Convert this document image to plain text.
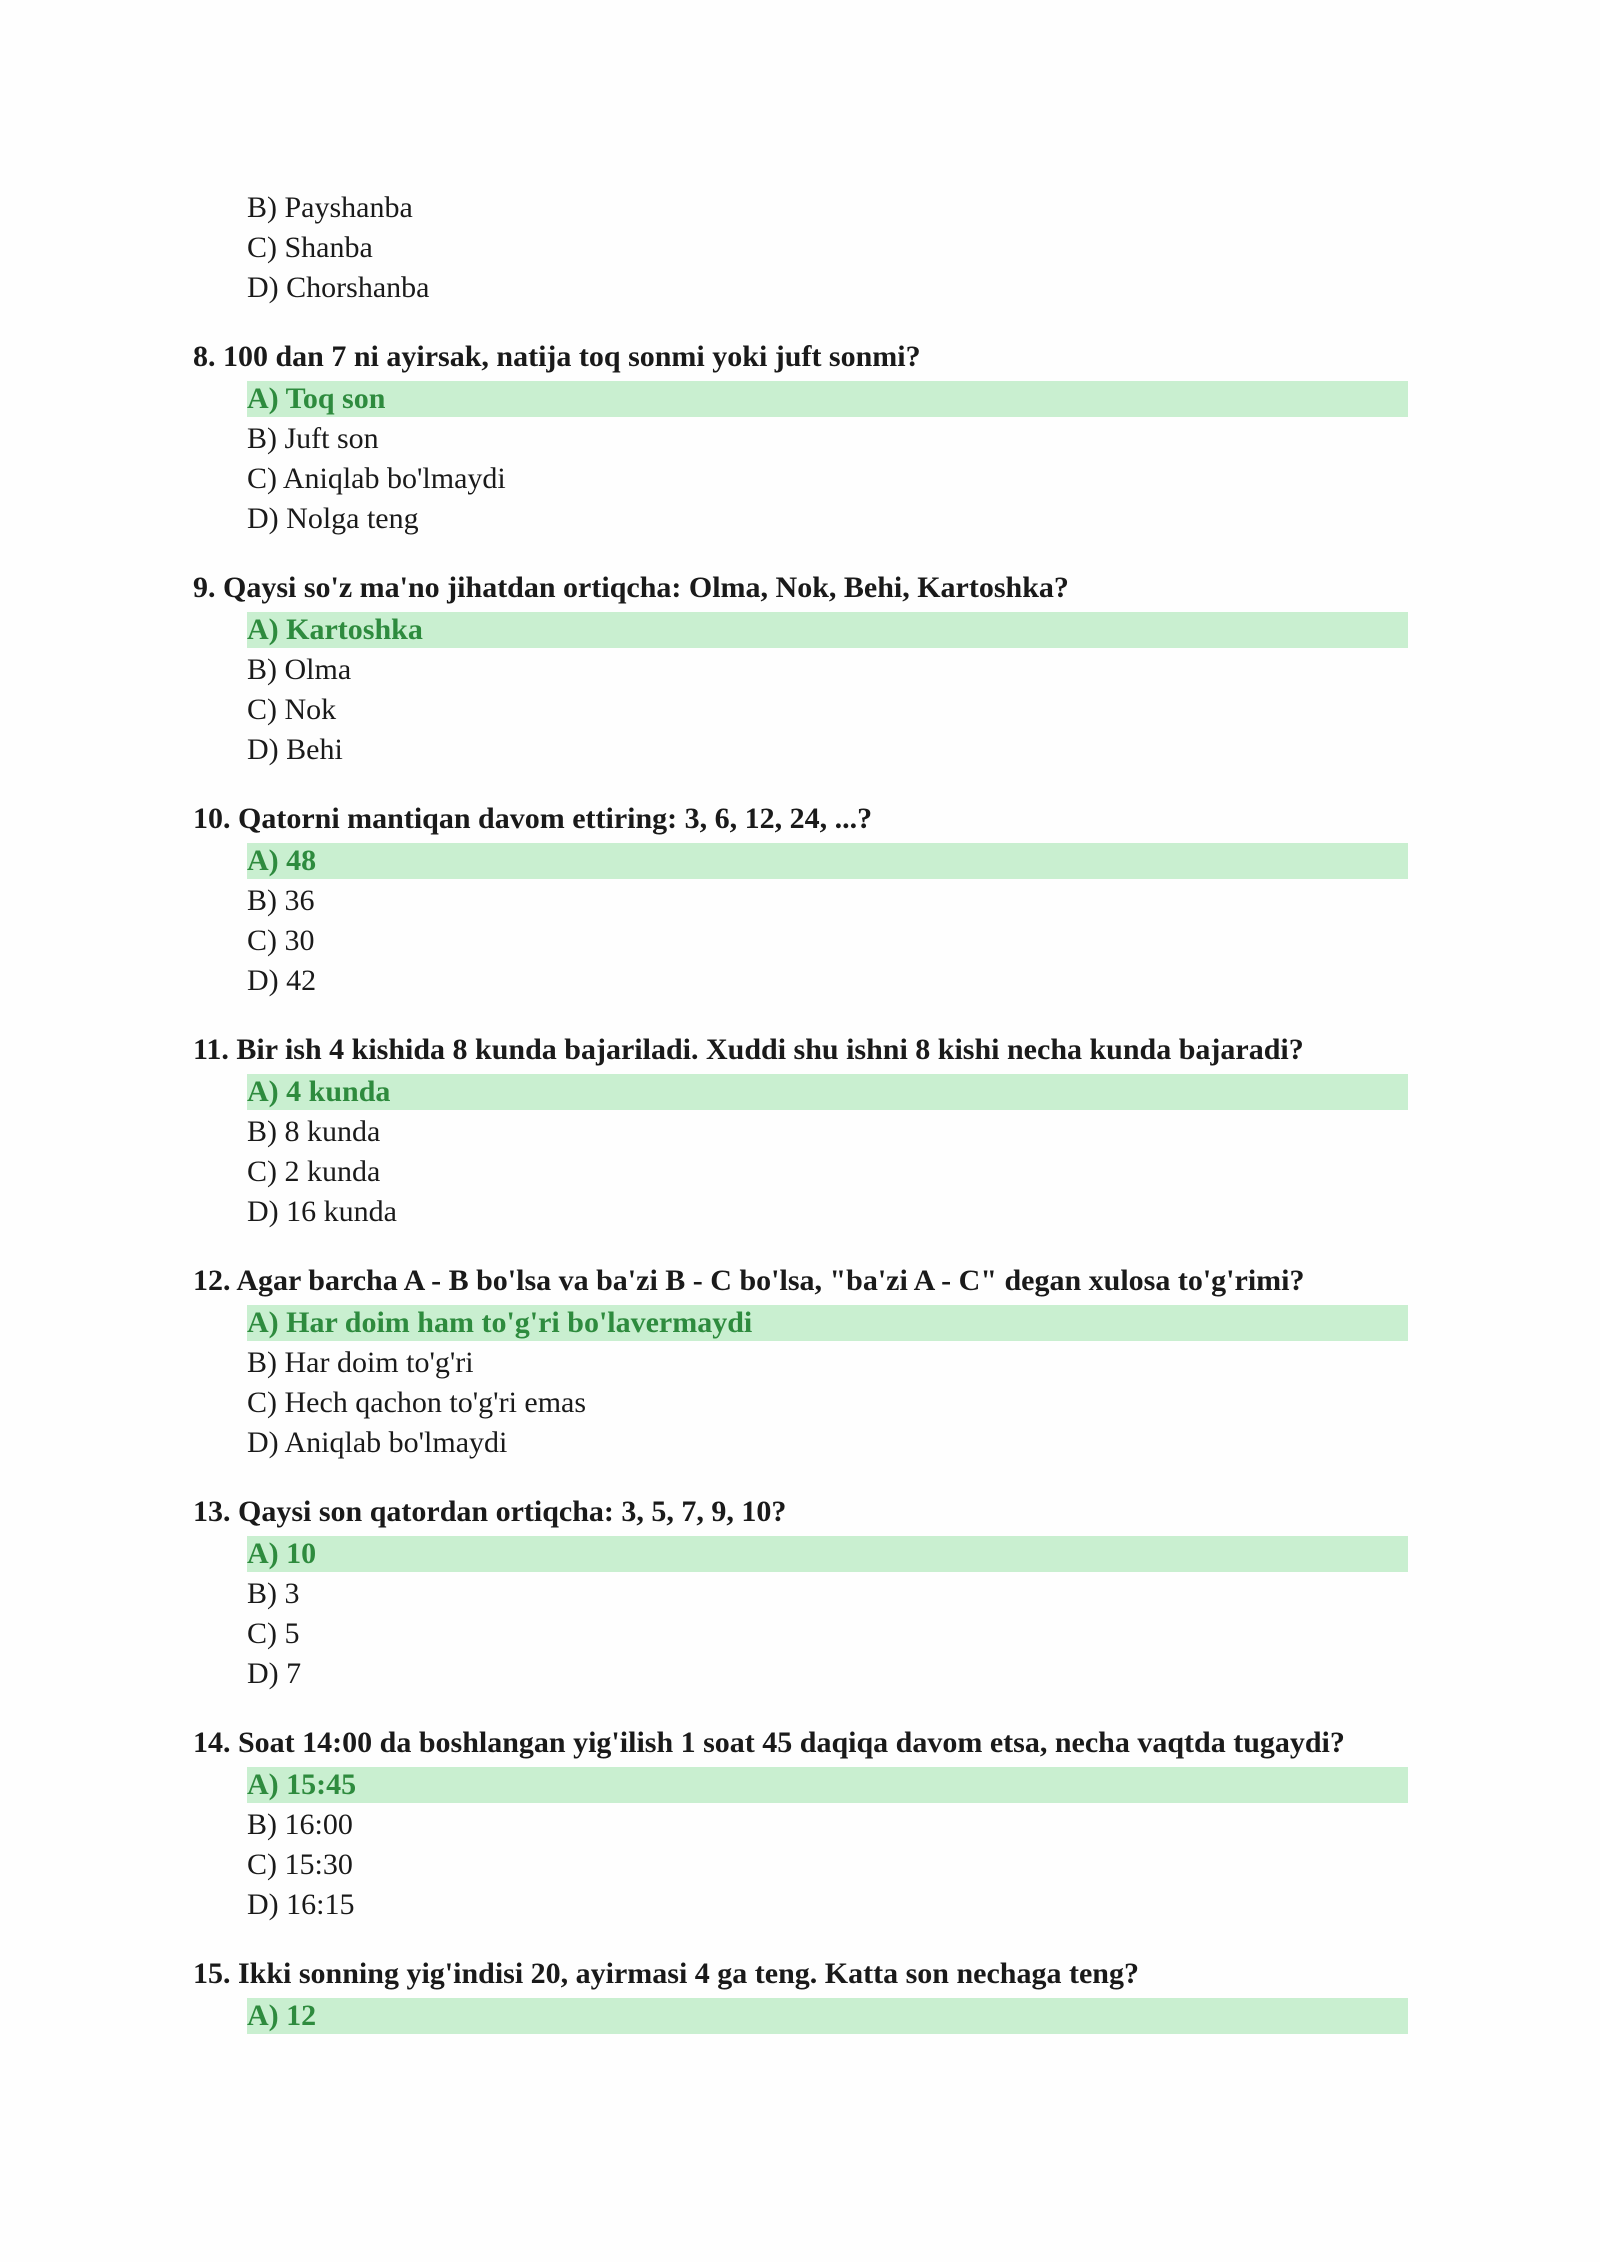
B) Payshanba
C) Shanba
D) Chorshanba
8. 100 dan 7 ni ayirsak, natija toq sonmi yoki juft sonmi?
A) Toq son
B) Juft son
C) Aniqlab bo'lmaydi
D) Nolga teng
9. Qaysi so'z ma'no jihatdan ortiqcha: Olma, Nok, Behi, Kartoshka?
A) Kartoshka
B) Olma
C) Nok
D) Behi
10. Qatorni mantiqan davom ettiring: 3, 6, 12, 24, ...?
A) 48
B) 36
C) 30
D) 42
11. Bir ish 4 kishida 8 kunda bajariladi. Xuddi shu ishni 8 kishi necha kunda bajaradi?
A) 4 kunda
B) 8 kunda
C) 2 kunda
D) 16 kunda
12. Agar barcha A - B bo'lsa va ba'zi B - C bo'lsa, "ba'zi A - C" degan xulosa to'g'rimi?
A) Har doim ham to'g'ri bo'lavermaydi
B) Har doim to'g'ri
C) Hech qachon to'g'ri emas
D) Aniqlab bo'lmaydi
13. Qaysi son qatordan ortiqcha: 3, 5, 7, 9, 10?
A) 10
B) 3
C) 5
D) 7
14. Soat 14:00 da boshlangan yig'ilish 1 soat 45 daqiqa davom etsa, necha vaqtda tugaydi?
A) 15:45
B) 16:00
C) 15:30
D) 16:15
15. Ikki sonning yig'indisi 20, ayirmasi 4 ga teng. Katta son nechaga teng?
A) 12
